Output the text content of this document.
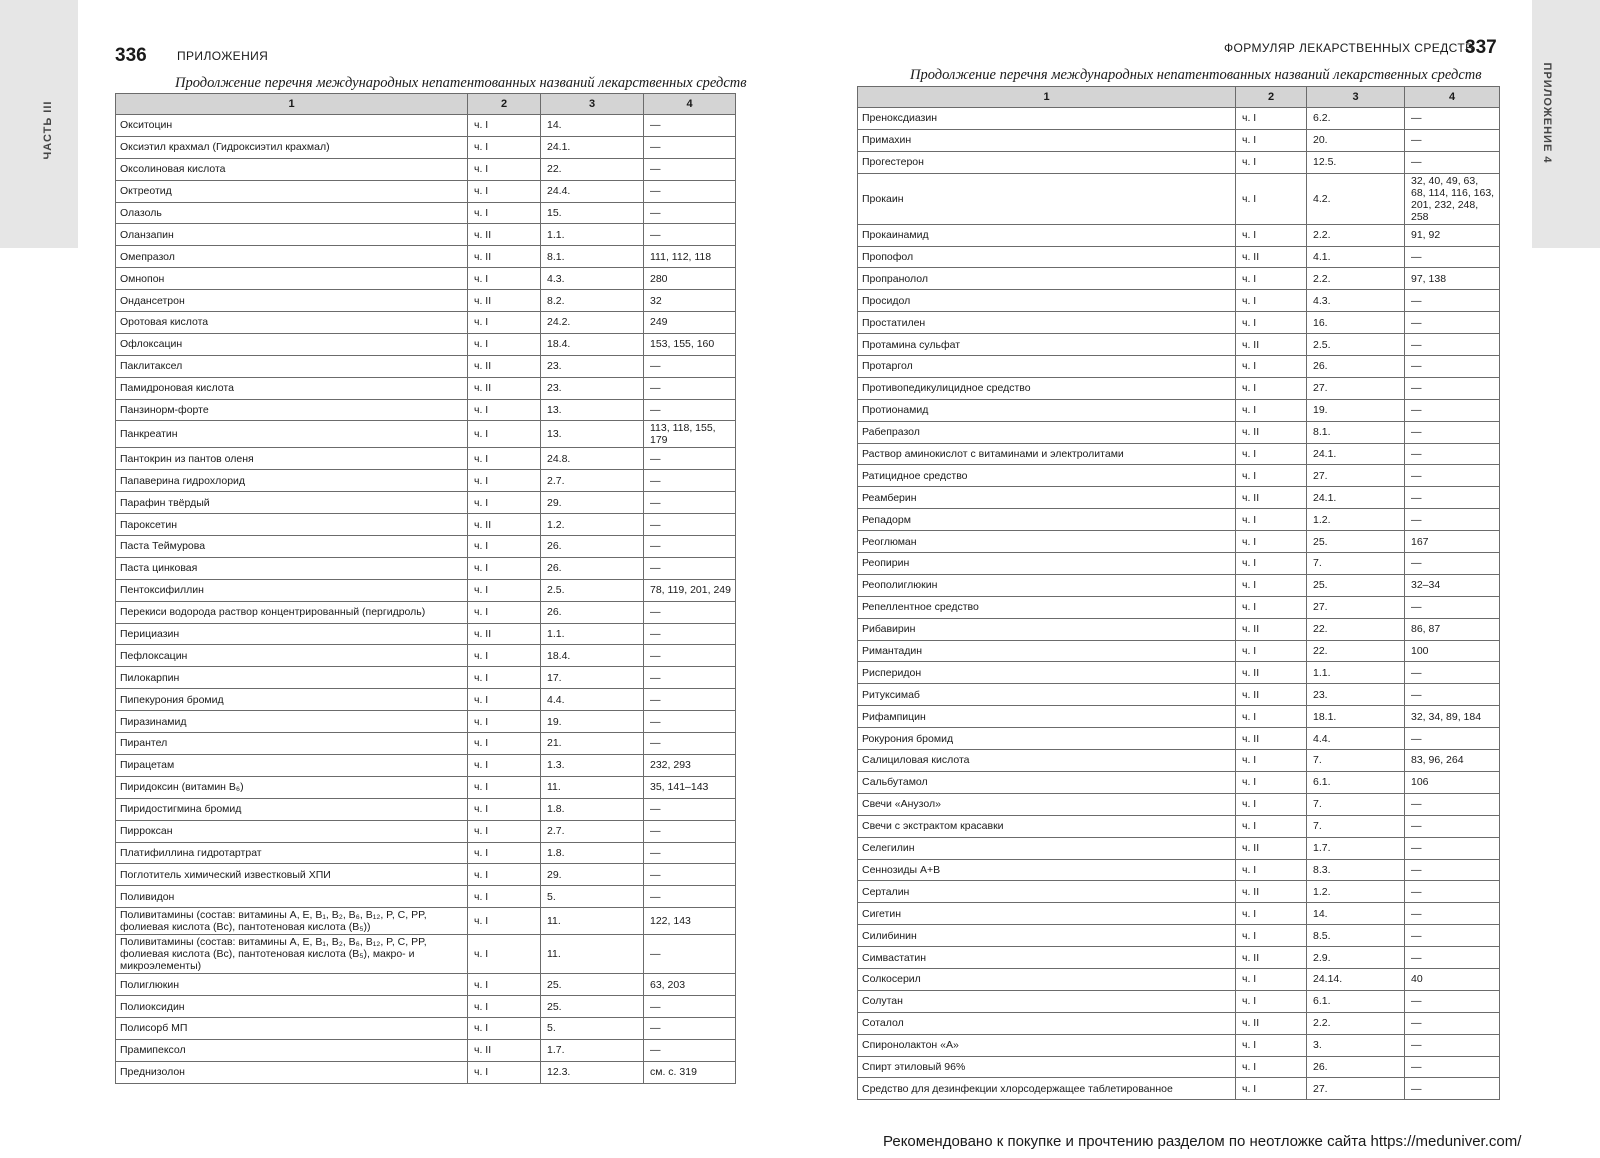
ЧАСТЬ III	ПРИЛОЖЕНИЕ 4
336	ПРИЛОЖЕНИЯ
Продолжение перечня международных непатентованных названий лекарственных средств
ФОРМУЛЯР ЛЕКАРСТВЕННЫХ СРЕДСТВ
337
Продолжение перечня международных непатентованных названий лекарственных средств
1	2	3	4
Окситоцин	ч. I	14.	—
Оксиэтил крахмал (Гидроксиэтил крахмал)	ч. I	24.1.	—
Оксолиновая кислота	ч. I	22.	—
Октреотид	ч. I	24.4.	—
Олазоль	ч. I	15.	—
Оланзапин	ч. II	1.1.	—
Омепразол	ч. II	8.1.	111, 112, 118
Омнопон	ч. I	4.3.	280
Ондансетрон	ч. II	8.2.	32
Оротовая кислота	ч. I	24.2.	249
Офлоксацин	ч. I	18.4.	153, 155, 160
Паклитаксел	ч. II	23.	—
Памидроновая кислота	ч. II	23.	—
Панзинорм-форте	ч. I	13.	—
Панкреатин	ч. I	13.	113, 118, 155, 179
Пантокрин из пантов оленя	ч. I	24.8.	—
Папаверина гидрохлорид	ч. I	2.7.	—
Парафин твёрдый	ч. I	29.	—
Пароксетин	ч. II	1.2.	—
Паста Теймурова	ч. I	26.	—
Паста цинковая	ч. I	26.	—
Пентоксифиллин	ч. I	2.5.	78, 119, 201, 249
Перекиси водорода раствор концентрированный (пергидроль)	ч. I	26.	—
Перициазин	ч. II	1.1.	—
Пефлоксацин	ч. I	18.4.	—
Пилокарпин	ч. I	17.	—
Пипекурония бромид	ч. I	4.4.	—
Пиразинамид	ч. I	19.	—
Пирантел	ч. I	21.	—
Пирацетам	ч. I	1.3.	232, 293
Пиридоксин (витамин B₆)	ч. I	11.	35, 141–143
Пиридостигмина бромид	ч. I	1.8.	—
Пирроксан	ч. I	2.7.	—
Платифиллина гидротартрат	ч. I	1.8.	—
Поглотитель химический известковый ХПИ	ч. I	29.	—
Поливидон	ч. I	5.	—
Поливитамины (состав: витамины A, E, B₁, B₂, B₆, B₁₂, P, C, PP, фолиевая кислота (Bc), пантотеновая кислота (B₅))	ч. I	11.	122, 143
Поливитамины (состав: витамины A, E, B₁, B₂, B₆, B₁₂, P, C, PP, фолиевая кислота (Bc), пантотеновая кислота (B₅), макро- и микроэлементы)	ч. I	11.	—
Полиглюкин	ч. I	25.	63, 203
Полиоксидин	ч. I	25.	—
Полисорб МП	ч. I	5.	—
Прамипексол	ч. II	1.7.	—
Преднизолон	ч. I	12.3.	см. с. 319
1	2	3	4
Преноксдиазин	ч. I	6.2.	—
Примахин	ч. I	20.	—
Прогестерон	ч. I	12.5.	—
Прокаин	ч. I	4.2.	32, 40, 49, 63, 68, 114, 116, 163, 201, 232, 248, 258
Прокаинамид	ч. I	2.2.	91, 92
Пропофол	ч. II	4.1.	—
Пропранолол	ч. I	2.2.	97, 138
Просидол	ч. I	4.3.	—
Простатилен	ч. I	16.	—
Протамина сульфат	ч. II	2.5.	—
Протаргол	ч. I	26.	—
Противопедикулицидное средство	ч. I	27.	—
Протионамид	ч. I	19.	—
Рабепразол	ч. II	8.1.	—
Раствор аминокислот с витаминами и электролитами	ч. I	24.1.	—
Ратицидное средство	ч. I	27.	—
Реамберин	ч. II	24.1.	—
Репадорм	ч. I	1.2.	—
Реоглюман	ч. I	25.	167
Реопирин	ч. I	7.	—
Реополиглюкин	ч. I	25.	32–34
Репеллентное средство	ч. I	27.	—
Рибавирин	ч. II	22.	86, 87
Римантадин	ч. I	22.	100
Рисперидон	ч. II	1.1.	—
Ритуксимаб	ч. II	23.	—
Рифампицин	ч. I	18.1.	32, 34, 89, 184
Рокурония бромид	ч. II	4.4.	—
Салициловая кислота	ч. I	7.	83, 96, 264
Сальбутамол	ч. I	6.1.	106
Свечи «Анузол»	ч. I	7.	—
Свечи с экстрактом красавки	ч. I	7.	—
Селегилин	ч. II	1.7.	—
Сеннозиды A+B	ч. I	8.3.	—
Серталин	ч. II	1.2.	—
Сигетин	ч. I	14.	—
Силибинин	ч. I	8.5.	—
Симвастатин	ч. II	2.9.	—
Солкосерил	ч. I	24.14.	40
Солутан	ч. I	6.1.	—
Соталол	ч. II	2.2.	—
Спиронолактон «A»	ч. I	3.	—
Спирт этиловый 96%	ч. I	26.	—
Средство для дезинфекции хлорсодержащее таблетированное	ч. I	27.	—
Рекомендовано к покупке и прочтению разделом по неотложке сайта https://meduniver.com/
